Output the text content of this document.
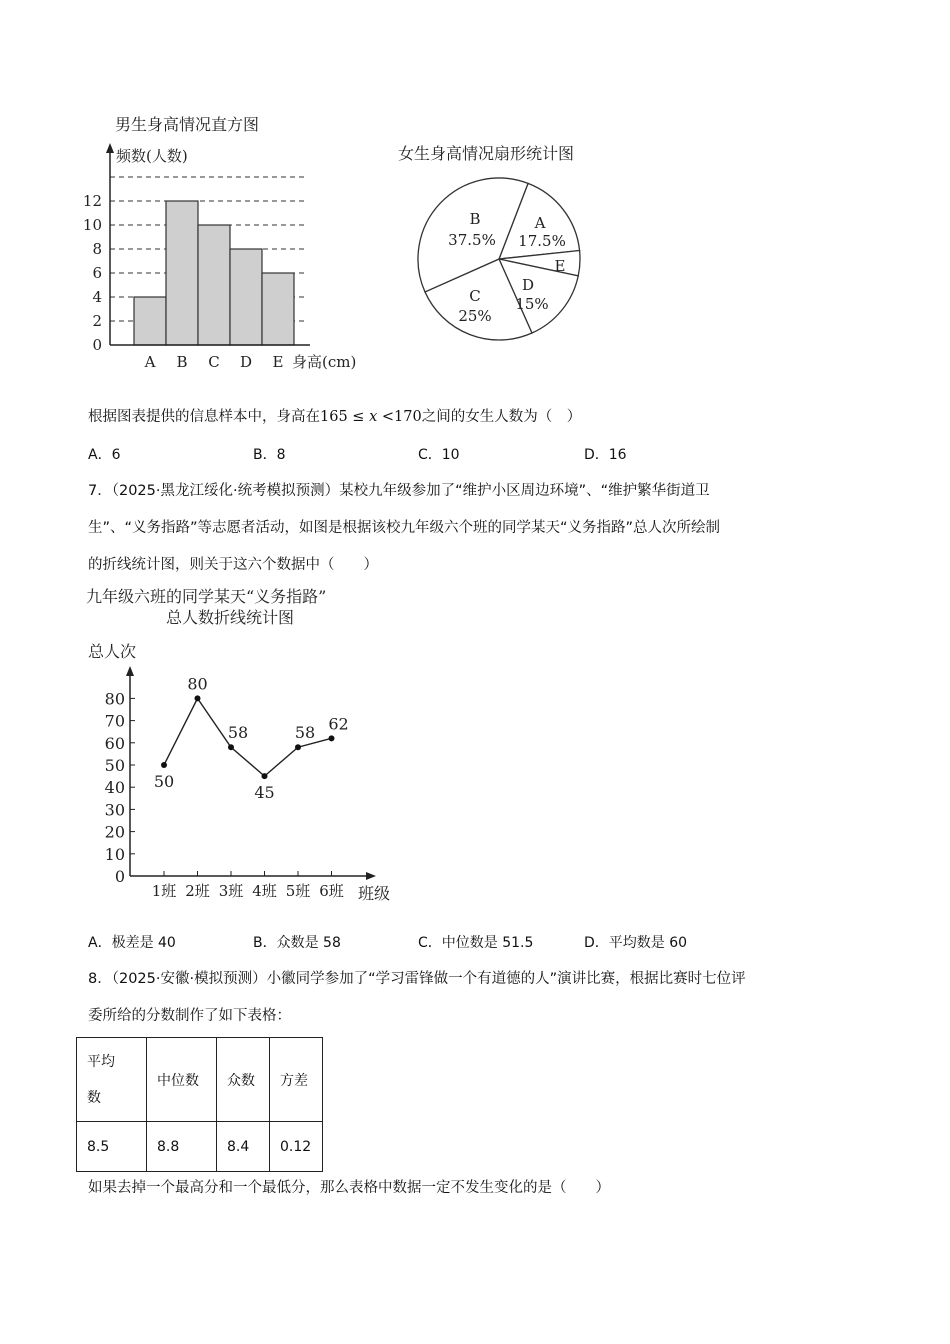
男生身高情况直方图
频数(人数)
身高(cm)
0
2
4
6
8
10
12
A B C D E
女生身高情况扇形统计图
A
17.5%
E
D
15%
C
25%
B
37.5%
根据图表提供的信息样本中，身高在165 ≤ x <170之间的女生人数为（　）
A．6	B．8	C．10	D．16
7．（2025·黑龙江绥化·统考模拟预测）某校九年级参加了“维护小区周边环境”、“维护繁华街道卫
生”、“义务指路”等志愿者活动，如图是根据该校九年级六个班的同学某天“义务指路”总人次所绘制
的折线统计图，则关于这六个数据中（　　）
九年级六班的同学某天“义务指路”
总人数折线统计图
总人次
班级
0
10
20
30
40
50
60
70
80
1班 2班 3班 4班 5班 6班
50
80
58
45
58 62
A．极差是 40	B．众数是 58	C．中位数是 51.5	D．平均数是 60
8．（2025·安徽·模拟预测）小徽同学参加了“学习雷锋做一个有道德的人”演讲比赛，根据比赛时七位评
委所给的分数制作了如下表格：
平均
数	中位数	众数	方差
8.5	8.8	8.4	0.12
如果去掉一个最高分和一个最低分，那么表格中数据一定不发生变化的是（　　）
